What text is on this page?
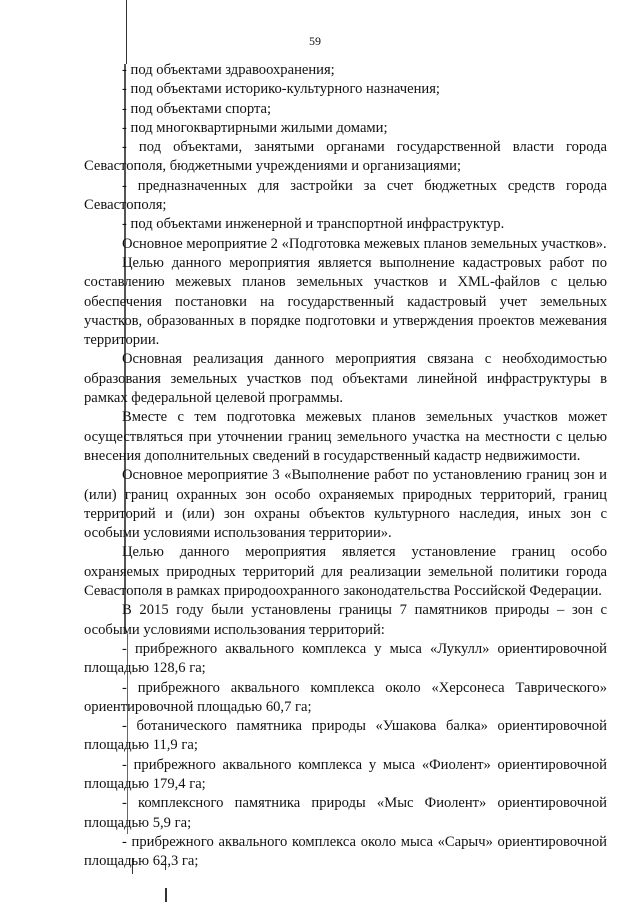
59

- под объектами здравоохранения;

- под объектами историко-культурного назначения;

- под объектами спорта;

- под многоквартирными жилыми домами;

- под объектами, занятыми органами государственной власти города Севастополя, бюджетными учреждениями и организациями;

- предназначенных для застройки за счет бюджетных средств города Севастополя;

- под объектами инженерной и транспортной инфраструктур.

Основное мероприятие 2 «Подготовка межевых планов земельных участков».

Целью данного мероприятия является выполнение кадастровых работ по составлению межевых планов земельных участков и XML-файлов с целью обеспечения постановки на государственный кадастровый учет земельных участков, образованных в порядке подготовки и утверждения проектов межевания территории.

Основная реализация данного мероприятия связана с необходимостью образования земельных участков под объектами линейной инфраструктуры в рамках федеральной целевой программы.

Вместе с тем подготовка межевых планов земельных участков может осуществляться при уточнении границ земельного участка на местности с целью внесения дополнительных сведений в государственный кадастр недвижимости.

Основное мероприятие 3 «Выполнение работ по установлению границ зон и (или) границ охранных зон особо охраняемых природных территорий, границ территорий и (или) зон охраны объектов культурного наследия, иных зон с особыми условиями использования территории».

Целью данного мероприятия является установление границ особо охраняемых природных территорий для реализации земельной политики города Севастополя в рамках природоохранного законодательства Российской Федерации.

В 2015 году были установлены границы 7 памятников природы – зон с особыми условиями использования территорий:

- прибрежного аквального комплекса у мыса «Лукулл» ориентировочной площадью 128,6 га;

- прибрежного аквального комплекса около «Херсонеса Таврического» ориентировочной площадью 60,7 га;

- ботанического памятника природы «Ушакова балка» ориентировочной площадью 11,9 га;

- прибрежного аквального комплекса у мыса «Фиолент» ориентировочной площадью 179,4 га;

- комплексного памятника природы «Мыс Фиолент» ориентировочной площадью 5,9 га;

- прибрежного аквального комплекса около мыса «Сарыч» ориентировочной площадью 62,3 га;
